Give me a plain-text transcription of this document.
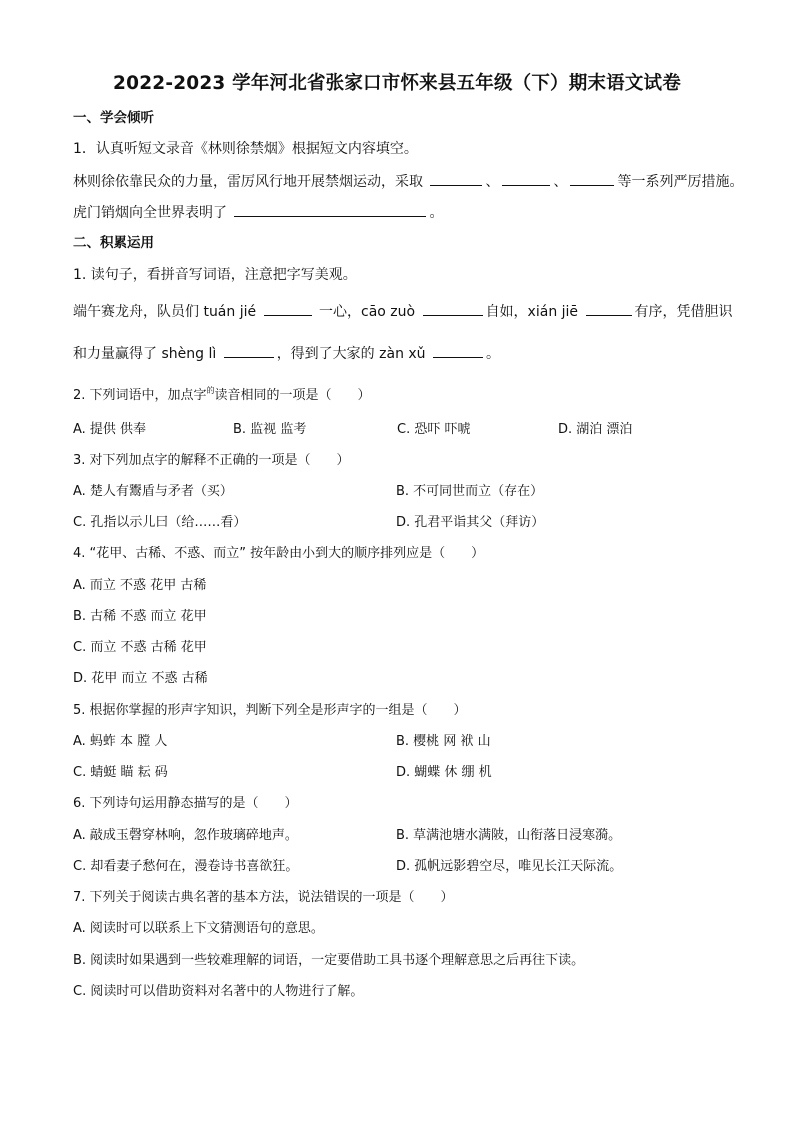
2022-2023 学年河北省张家口市怀来县五年级（下）期末语文试卷
一、学会倾听
1．认真听短文录音《林则徐禁烟》根据短文内容填空。
林则徐依靠民众的力量，雷厉风行地开展禁烟运动，采取	、	、	等一系列严厉措施。
虎门销烟向全世界表明了	。
二、积累运用
1. 读句子，看拼音写词语，注意把字写美观。
端午赛龙舟，队员们 tuán jié	一心，cāo zuò	自如，xián jiē	有序，凭借胆识
和力量赢得了 shèng lì	，得到了大家的 zàn xǔ	。
2. 下列词语中，加点字$^的$读音相同的一项是（　　）
A. 提供 供奉	B. 监视 监考	C. 恐吓 吓唬	D. 湖泊 漂泊
3. 对下列加点字的解释不正确的一项是（　　）
A. 楚人有鬻盾与矛者（买）	B. 不可同世而立（存在）
C. 孔指以示儿曰（给……看）	D. 孔君平诣其父（拜访）
4. “花甲、古稀、不惑、而立” 按年龄由小到大的顺序排列应是（　　）
A. 而立 不惑 花甲 古稀
B. 古稀 不惑 而立 花甲
C. 而立 不惑 古稀 花甲
D. 花甲 而立 不惑 古稀
5. 根据你掌握的形声字知识，判断下列全是形声字的一组是（　　）
A. 蚂蚱 本 膛 人	B. 樱桃 网 袱 山
C. 蜻蜓 瞄 耘 码	D. 蝴蝶 休 绷 机
6. 下列诗句运用静态描写的是（　　）
A. 敲成玉磬穿林响，忽作玻璃碎地声。	B. 草满池塘水满陂，山衔落日浸寒漪。
C. 却看妻子愁何在，漫卷诗书喜欲狂。	D. 孤帆远影碧空尽，唯见长江天际流。
7. 下列关于阅读古典名著的基本方法，说法错误的一项是（　　）
A. 阅读时可以联系上下文猜测语句的意思。
B. 阅读时如果遇到一些较难理解的词语，一定要借助工具书逐个理解意思之后再往下读。
C. 阅读时可以借助资料对名著中的人物进行了解。
